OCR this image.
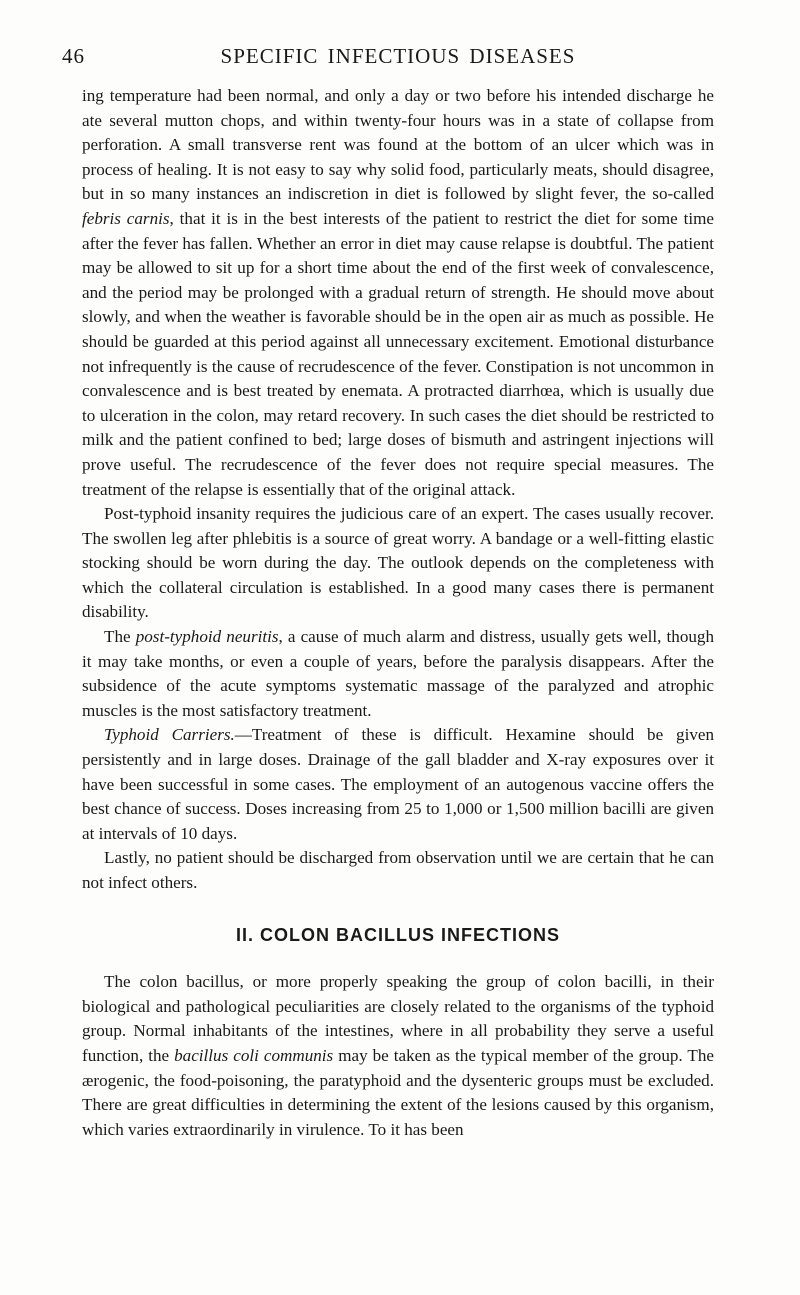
46	SPECIFIC INFECTIOUS DISEASES

ing temperature had been normal, and only a day or two before his intended discharge he ate several mutton chops, and within twenty-four hours was in a state of collapse from perforation. A small transverse rent was found at the bottom of an ulcer which was in process of healing. It is not easy to say why solid food, particularly meats, should disagree, but in so many instances an indiscretion in diet is followed by slight fever, the so-called febris carnis, that it is in the best interests of the patient to restrict the diet for some time after the fever has fallen. Whether an error in diet may cause relapse is doubtful. The patient may be allowed to sit up for a short time about the end of the first week of convalescence, and the period may be prolonged with a gradual return of strength. He should move about slowly, and when the weather is favorable should be in the open air as much as possible. He should be guarded at this period against all unnecessary excitement. Emotional disturbance not infrequently is the cause of recrudescence of the fever. Constipation is not uncommon in convalescence and is best treated by enemata. A protracted diarrhœa, which is usually due to ulceration in the colon, may retard recovery. In such cases the diet should be restricted to milk and the patient confined to bed; large doses of bismuth and astringent injections will prove useful. The recrudescence of the fever does not require special measures. The treatment of the relapse is essentially that of the original attack.

Post-typhoid insanity requires the judicious care of an expert. The cases usually recover. The swollen leg after phlebitis is a source of great worry. A bandage or a well-fitting elastic stocking should be worn during the day. The outlook depends on the completeness with which the collateral circulation is established. In a good many cases there is permanent disability.

The post-typhoid neuritis, a cause of much alarm and distress, usually gets well, though it may take months, or even a couple of years, before the paralysis disappears. After the subsidence of the acute symptoms systematic massage of the paralyzed and atrophic muscles is the most satisfactory treatment.

Typhoid Carriers.—Treatment of these is difficult. Hexamine should be given persistently and in large doses. Drainage of the gall bladder and X-ray exposures over it have been successful in some cases. The employment of an autogenous vaccine offers the best chance of success. Doses increasing from 25 to 1,000 or 1,500 million bacilli are given at intervals of 10 days.

Lastly, no patient should be discharged from observation until we are certain that he can not infect others.

II. COLON BACILLUS INFECTIONS

The colon bacillus, or more properly speaking the group of colon bacilli, in their biological and pathological peculiarities are closely related to the organisms of the typhoid group. Normal inhabitants of the intestines, where in all probability they serve a useful function, the bacillus coli communis may be taken as the typical member of the group. The ærogenic, the food-poisoning, the paratyphoid and the dysenteric groups must be excluded. There are great difficulties in determining the extent of the lesions caused by this organism, which varies extraordinarily in virulence. To it has been
